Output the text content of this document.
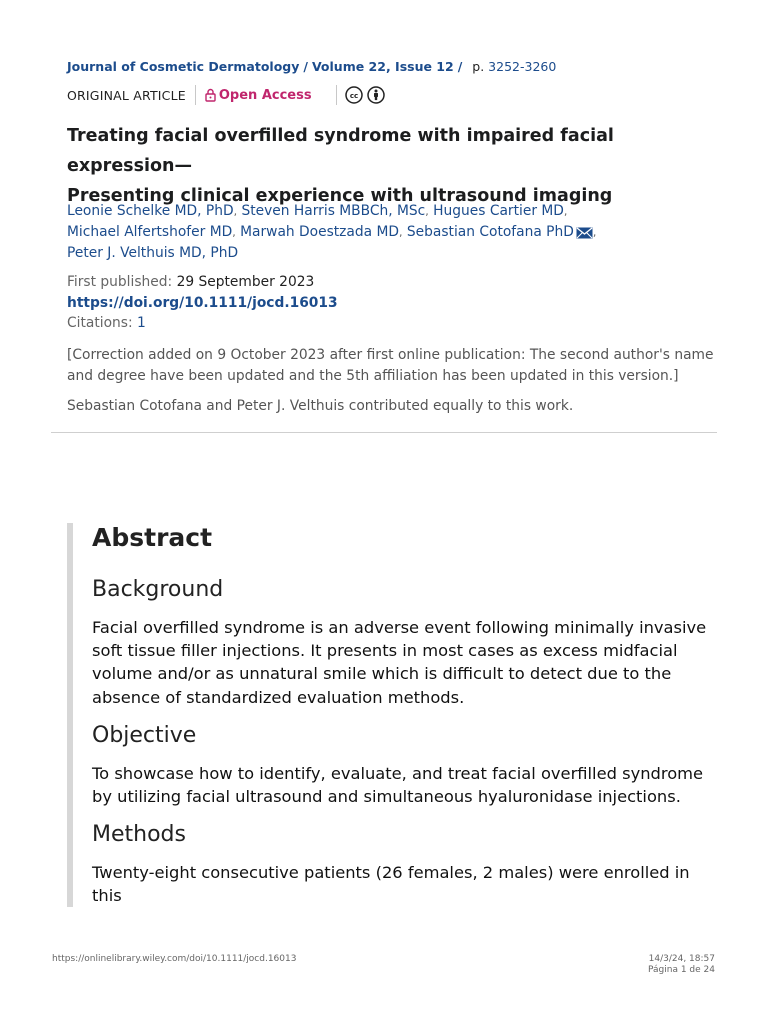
Journal of Cosmetic Dermatology / Volume 22, Issue 12 / p. 3252-3260
ORIGINAL ARTICLE	Open Access	cc
Treating facial overfilled syndrome with impaired facial expression—
Presenting clinical experience with ultrasound imaging
Leonie Schelke MD, PhD, Steven Harris MBBCh, MSc, Hugues Cartier MD,
Michael Alfertshofer MD, Marwah Doestzada MD, Sebastian Cotofana PhD ,
Peter J. Velthuis MD, PhD
First published: 29 September 2023
https://doi.org/10.1111/jocd.16013
Citations: 1
[Correction added on 9 October 2023 after first online publication: The second author's name and degree have been updated and the 5th affiliation has been updated in this version.]
Sebastian Cotofana and Peter J. Velthuis contributed equally to this work.
Abstract
Background
Facial overfilled syndrome is an adverse event following minimally invasive soft tissue filler injections. It presents in most cases as excess midfacial volume and/or as unnatural smile which is difficult to detect due to the absence of standardized evaluation methods.
Objective
To showcase how to identify, evaluate, and treat facial overfilled syndrome by utilizing facial ultrasound and simultaneous hyaluronidase injections.
Methods
Twenty-eight consecutive patients (26 females, 2 males) were enrolled in this
https://onlinelibrary.wiley.com/doi/10.1111/jocd.16013	14/3/24, 18:57
Página 1 de 24
